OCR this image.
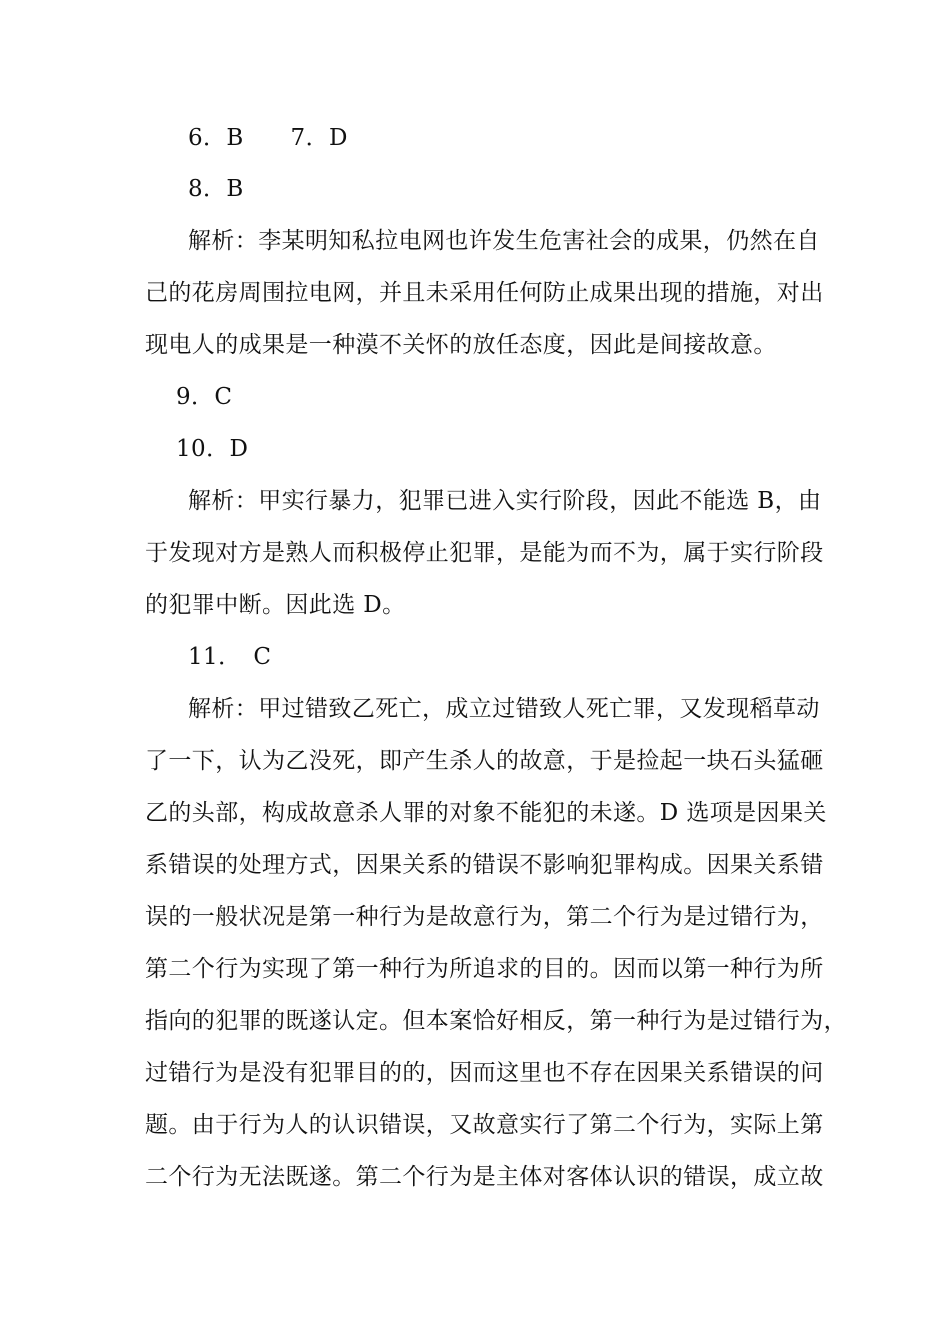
6．B　　7．D
8．B
解析：李某明知私拉电网也许发生危害社会的成果，仍然在自
己的花房周围拉电网，并且未采用任何防止成果出现的措施，对出
现电人的成果是一种漠不关怀的放任态度，因此是间接故意。
9．C
10．D
解析：甲实行暴力，犯罪已进入实行阶段，因此不能选 B，由
于发现对方是熟人而积极停止犯罪，是能为而不为，属于实行阶段
的犯罪中断。因此选 D。
11．　C
解析：甲过错致乙死亡，成立过错致人死亡罪，又发现稻草动
了一下，认为乙没死，即产生杀人的故意，于是捡起一块石头猛砸
乙的头部，构成故意杀人罪的对象不能犯的未遂。D 选项是因果关
系错误的处理方式，因果关系的错误不影响犯罪构成。因果关系错
误的一般状况是第一种行为是故意行为，第二个行为是过错行为，
第二个行为实现了第一种行为所追求的目的。因而以第一种行为所
指向的犯罪的既遂认定。但本案恰好相反，第一种行为是过错行为，
过错行为是没有犯罪目的的，因而这里也不存在因果关系错误的问
题。由于行为人的认识错误，又故意实行了第二个行为，实际上第
二个行为无法既遂。第二个行为是主体对客体认识的错误，成立故
